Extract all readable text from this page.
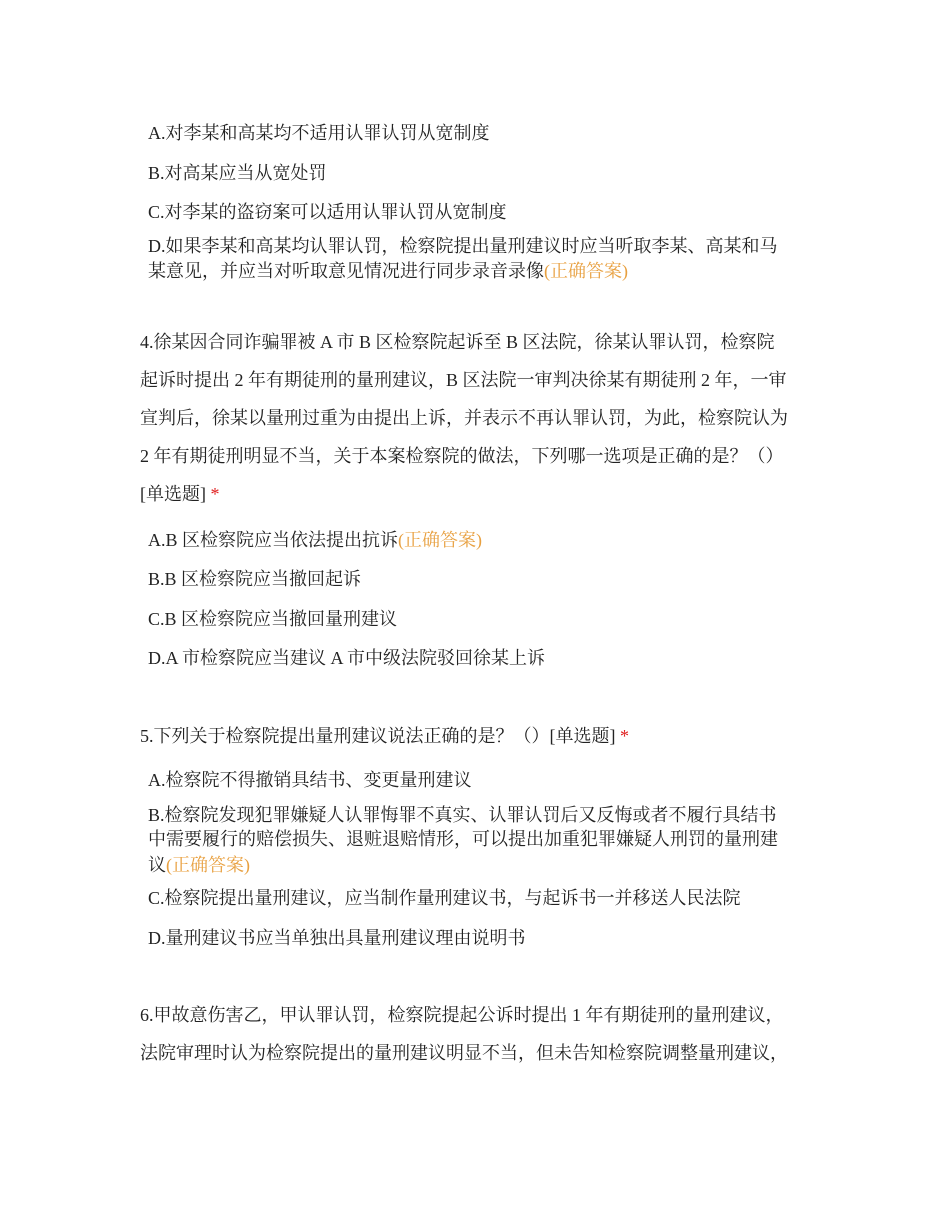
A.对李某和高某均不适用认罪认罚从宽制度
B.对高某应当从宽处罚
C.对李某的盗窃案可以适用认罪认罚从宽制度
D.如果李某和高某均认罪认罚，检察院提出量刑建议时应当听取李某、高某和马
某意见，并应当对听取意见情况进行同步录音录像(正确答案)
4.徐某因合同诈骗罪被 A 市 B 区检察院起诉至 B 区法院，徐某认罪认罚，检察院
起诉时提出 2 年有期徒刑的量刑建议，B 区法院一审判决徐某有期徒刑 2 年，一审
宣判后，徐某以量刑过重为由提出上诉，并表示不再认罪认罚，为此，检察院认为
2 年有期徒刑明显不当，关于本案检察院的做法，下列哪一选项是正确的是？（）
[单选题] *
A.B 区检察院应当依法提出抗诉(正确答案)
B.B 区检察院应当撤回起诉
C.B 区检察院应当撤回量刑建议
D.A 市检察院应当建议 A 市中级法院驳回徐某上诉
5.下列关于检察院提出量刑建议说法正确的是？（）[单选题] *
A.检察院不得撤销具结书、变更量刑建议
B.检察院发现犯罪嫌疑人认罪悔罪不真实、认罪认罚后又反悔或者不履行具结书
中需要履行的赔偿损失、退赃退赔情形，可以提出加重犯罪嫌疑人刑罚的量刑建
议(正确答案)
C.检察院提出量刑建议，应当制作量刑建议书，与起诉书一并移送人民法院
D.量刑建议书应当单独出具量刑建议理由说明书
6.甲故意伤害乙，甲认罪认罚，检察院提起公诉时提出 1 年有期徒刑的量刑建议，
法院审理时认为检察院提出的量刑建议明显不当，但未告知检察院调整量刑建议，
